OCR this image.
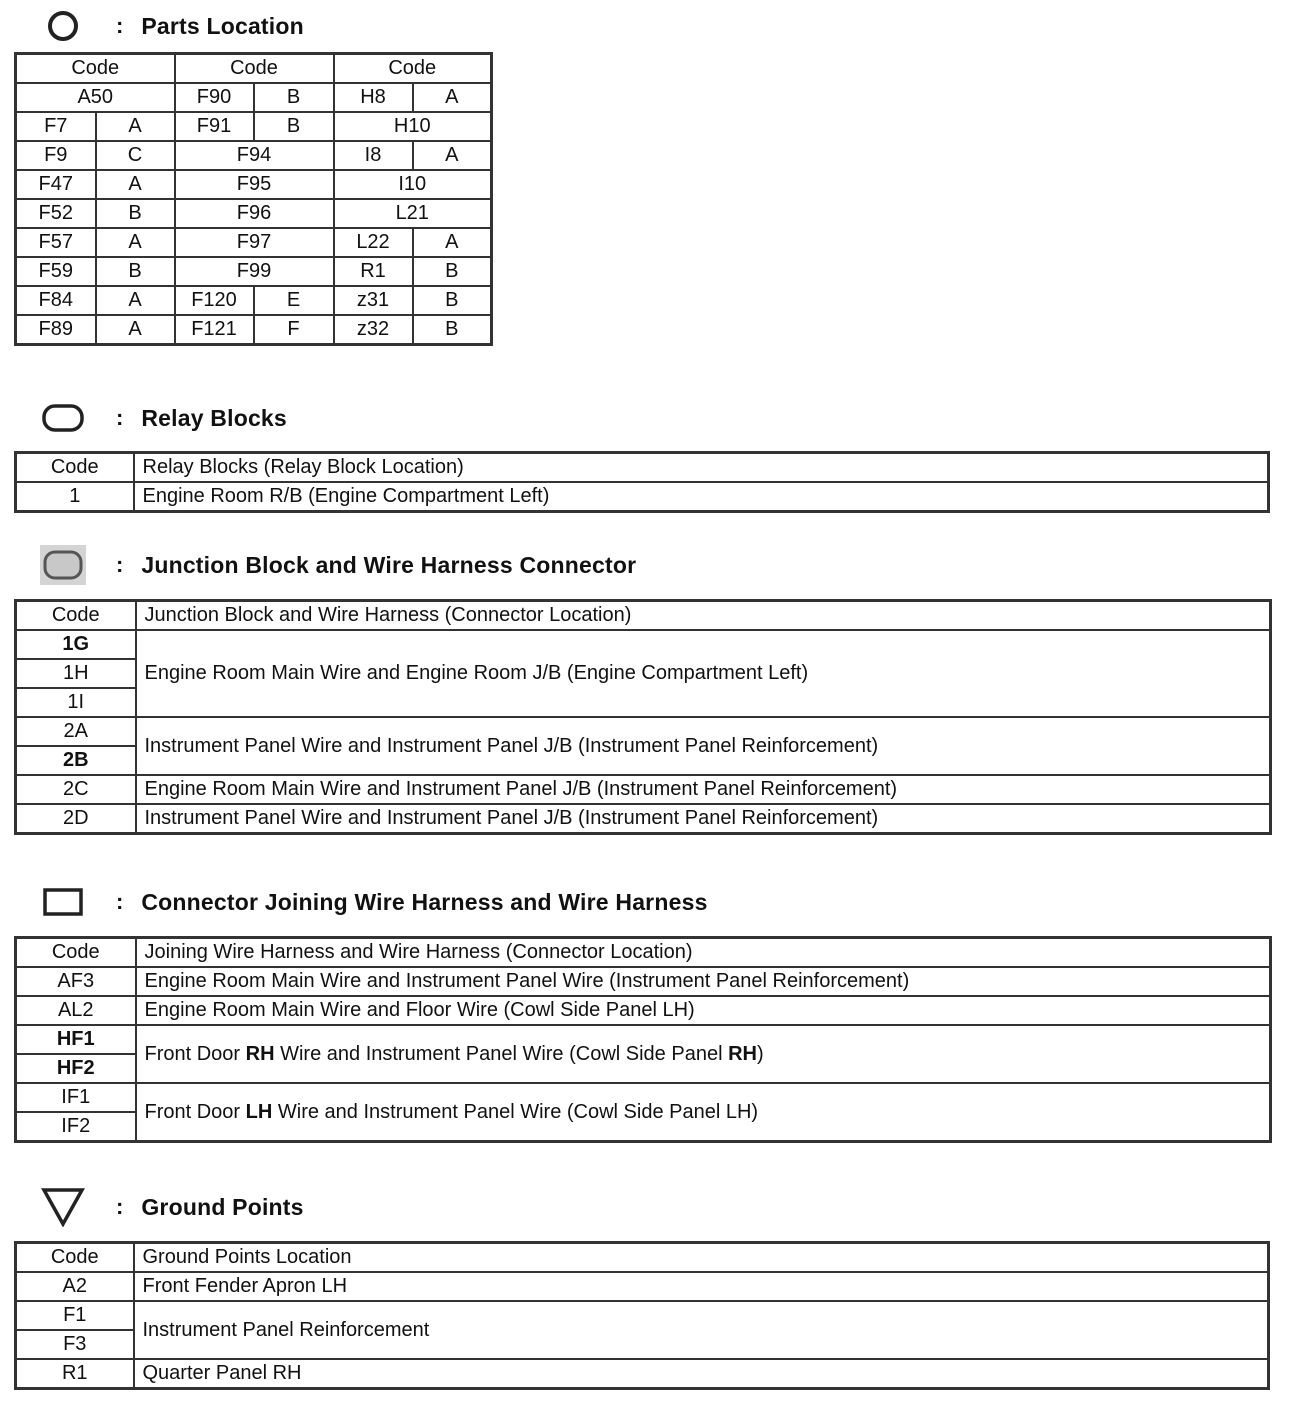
: Parts Location
Code		Code		Code	
A50		F90	B	H8	A
F7	A	F91	B	H10	
F9	C	F94		I8	A
F47	A	F95		I10	
F52	B	F96		L21	
F57	A	F97		L22	A
F59	B	F99		R1	B
F84	A	F120	E	z31	B
F89	A	F121	F	z32	B
: Relay Blocks
Code	Relay Blocks (Relay Block Location)
1	Engine Room R/B (Engine Compartment Left)
: Junction Block and Wire Harness Connector
Code	Junction Block and Wire Harness (Connector Location)
1G	Engine Room Main Wire and Engine Room J/B (Engine Compartment Left)
1H	
1I	
2A	Instrument Panel Wire and Instrument Panel J/B (Instrument Panel Reinforcement)
2B	
2C	Engine Room Main Wire and Instrument Panel J/B (Instrument Panel Reinforcement)
2D	Instrument Panel Wire and Instrument Panel J/B (Instrument Panel Reinforcement)
: Connector Joining Wire Harness and Wire Harness
Code	Joining Wire Harness and Wire Harness (Connector Location)
AF3	Engine Room Main Wire and Instrument Panel Wire (Instrument Panel Reinforcement)
AL2	Engine Room Main Wire and Floor Wire (Cowl Side Panel LH)
HF1	Front Door RH Wire and Instrument Panel Wire (Cowl Side Panel RH)
HF2	
IF1	Front Door LH Wire and Instrument Panel Wire (Cowl Side Panel LH)
IF2	
: Ground Points
Code	Ground Points Location
A2	Front Fender Apron LH
F1	Instrument Panel Reinforcement
F3	
R1	Quarter Panel RH
